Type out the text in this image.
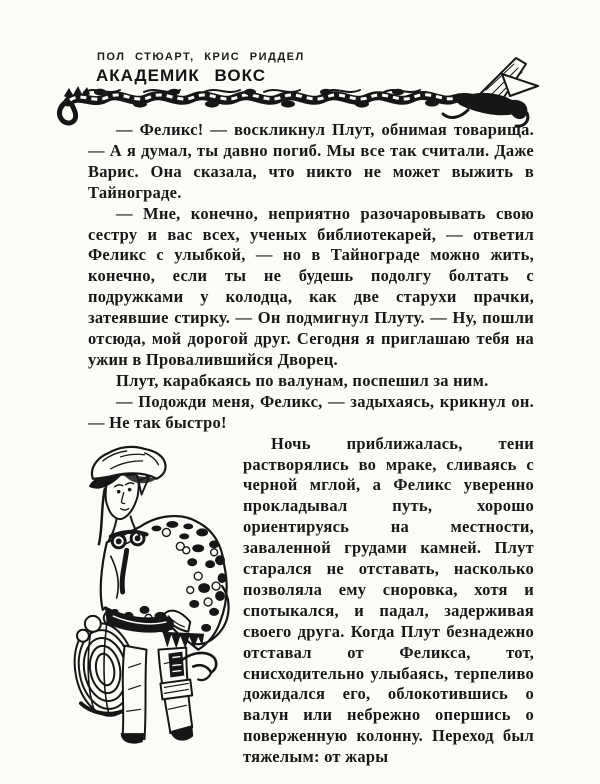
ПОЛ СТЮАРТ, КРИС РИДДЕЛ
АКАДЕМИК ВОКС

— Феликс! — воскликнул Плут, обнимая товарища. — А я думал, ты давно погиб. Мы все так считали. Даже Варис. Она сказала, что никто не может выжить в Тайнограде.

— Мне, конечно, неприятно разочаровывать свою сестру и вас всех, ученых библиотекарей, — ответил Феликс с улыбкой, — но в Тайнограде можно жить, конечно, если ты не будешь подолгу болтать с подружками у колодца, как две старухи прачки, затеявшие стирку. — Он подмигнул Плуту. — Ну, пошли отсюда, мой дорогой друг. Сегодня я приглашаю тебя на ужин в Провалившийся Дворец.

Плут, карабкаясь по валунам, поспешил за ним.

— Подожди меня, Феликс, — задыхаясь, крикнул он. — Не так быстро!

Ночь приближалась, тени растворялись во мраке, сливаясь с черной мглой, а Феликс уверенно прокладывал путь, хорошо ориентируясь на местности, заваленной грудами камней. Плут старался не отставать, насколько позволяла ему сноровка, хотя и спотыкался, и падал, задерживая своего друга. Когда Плут безнадежно отставал от Феликса, тот, снисходительно улыбаясь, терпеливо дожидался его, облокотившись о валун или небрежно опершись о поверженную колонну. Переход был тяжелым: от жары
